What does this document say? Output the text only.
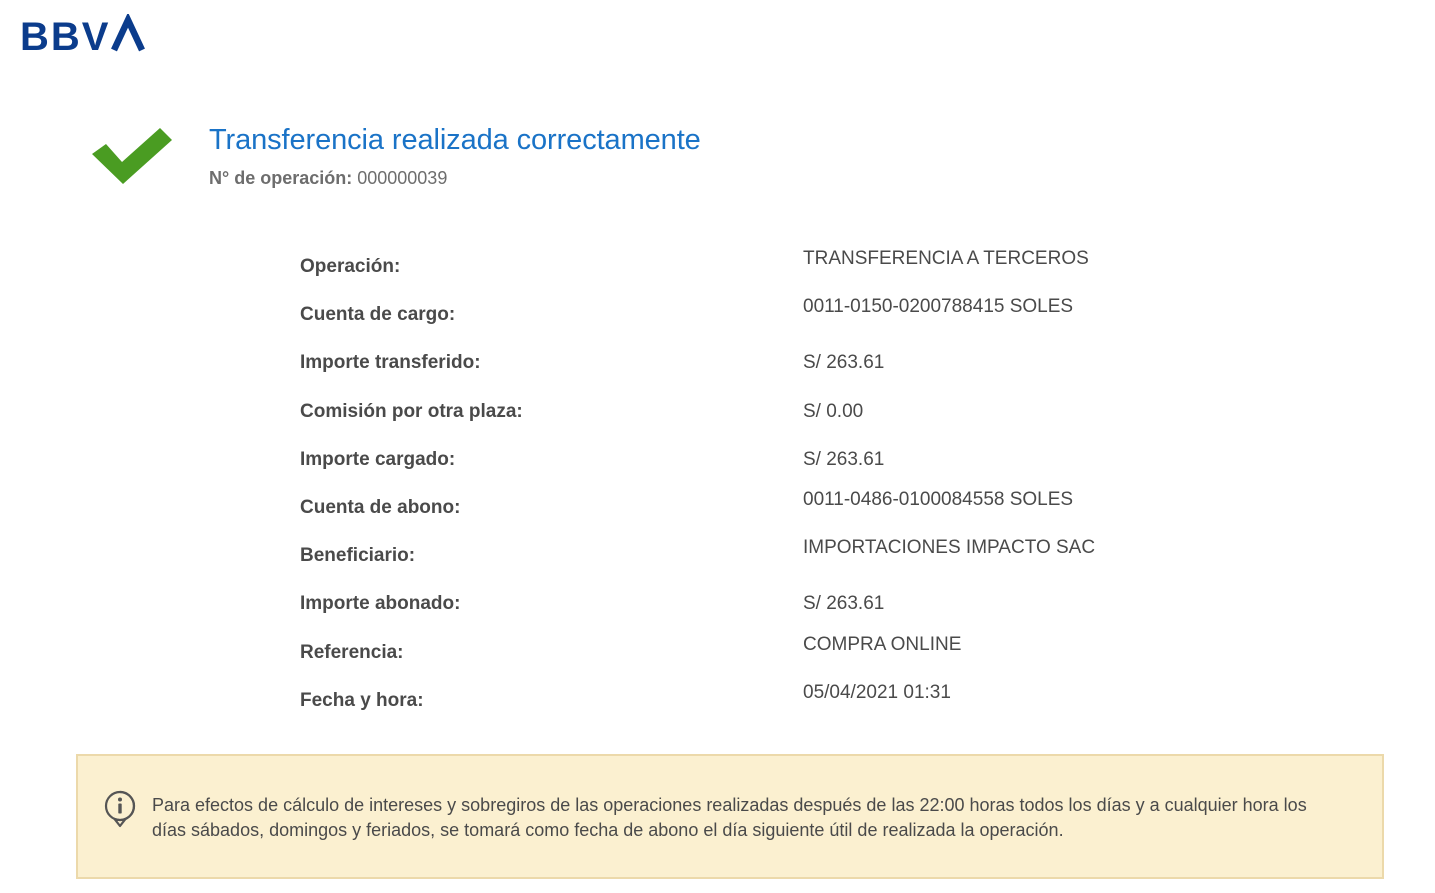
BBV
Transferencia realizada correctamente
N° de operación: 000000039
Operación:	TRANSFERENCIA A TERCEROS
Cuenta de cargo:	0011-0150-0200788415 SOLES
Importe transferido:	S/ 263.61
Comisión por otra plaza:	S/ 0.00
Importe cargado:	S/ 263.61
Cuenta de abono:	0011-0486-0100084558 SOLES
Beneficiario:	IMPORTACIONES IMPACTO SAC
Importe abonado:	S/ 263.61
Referencia:	COMPRA ONLINE
Fecha y hora:	05/04/2021 01:31
Para efectos de cálculo de intereses y sobregiros de las operaciones realizadas después de las 22:00 horas todos los días y a cualquier hora los días sábados, domingos y feriados, se tomará como fecha de abono el día siguiente útil de realizada la operación.
